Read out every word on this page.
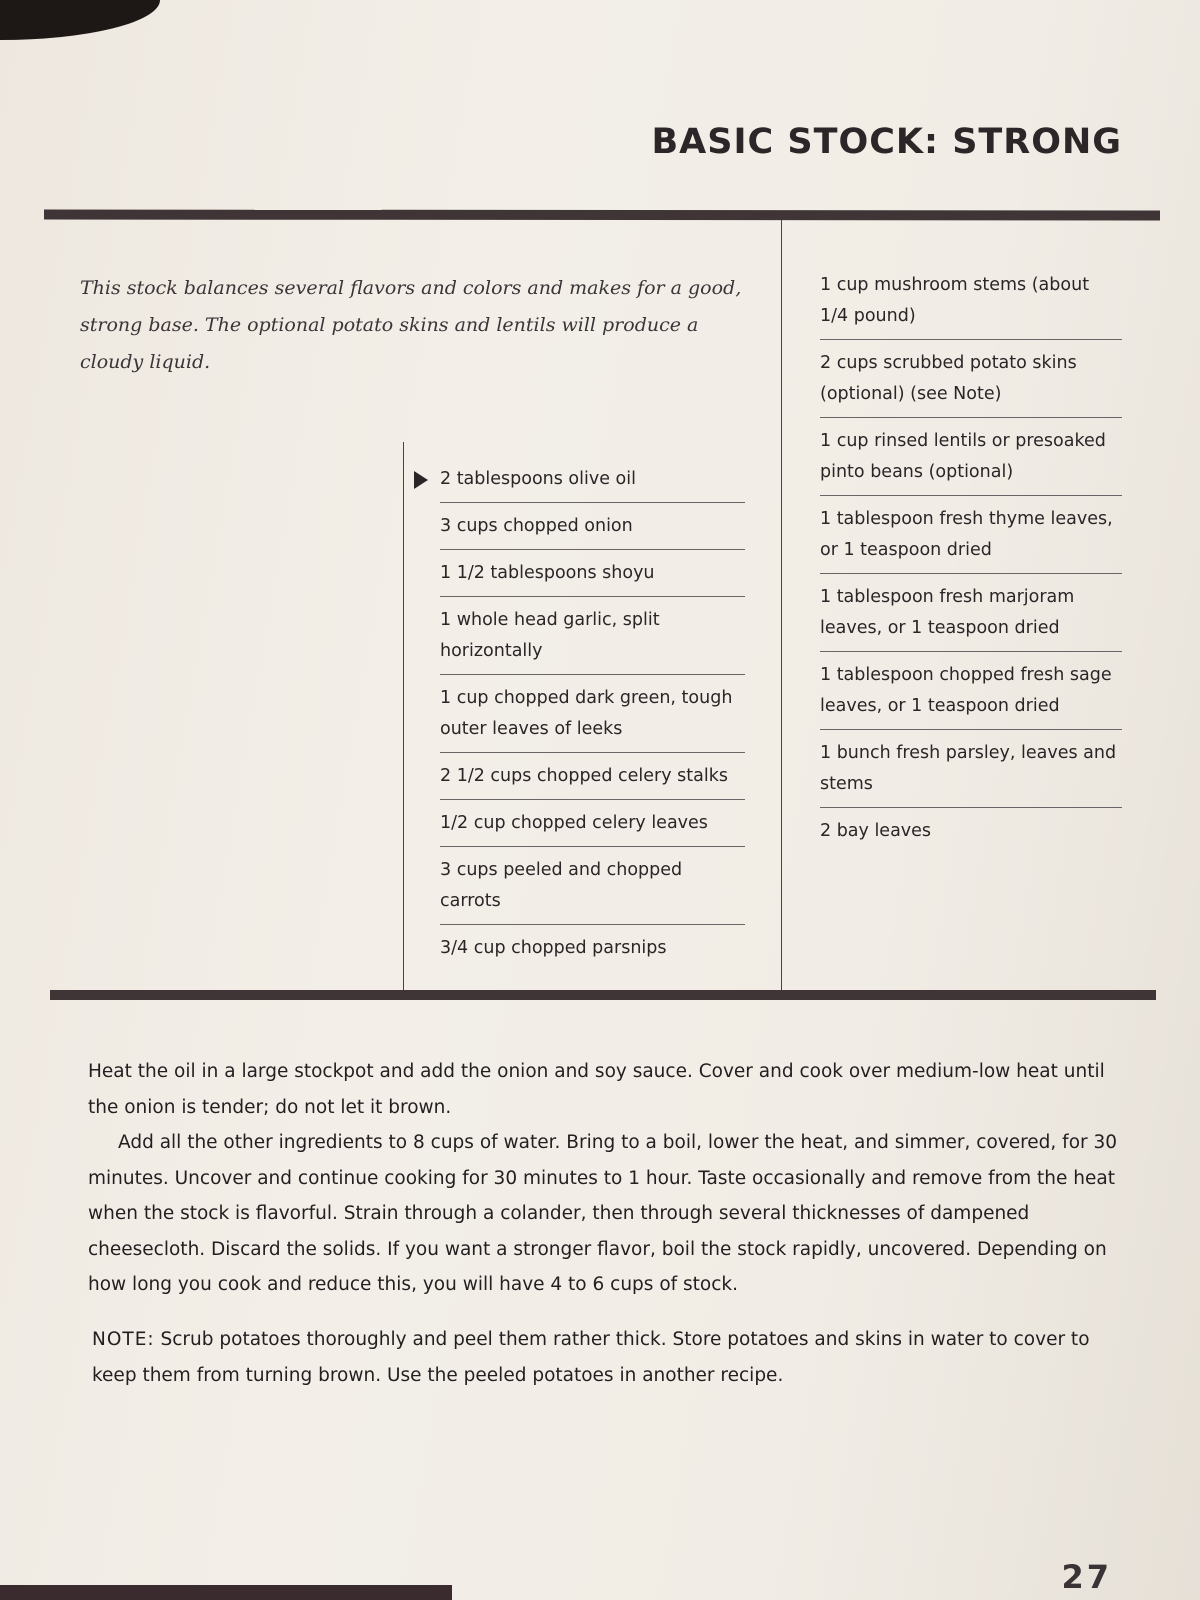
BASIC STOCK: STRONG

This stock balances several flavors and colors and makes for a good, strong base. The optional potato skins and lentils will produce a cloudy liquid.

2 tablespoons olive oil
3 cups chopped onion
1 1/2 tablespoons shoyu
1 whole head garlic, split horizontally
1 cup chopped dark green, tough outer leaves of leeks
2 1/2 cups chopped celery stalks
1/2 cup chopped celery leaves
3 cups peeled and chopped carrots
3/4 cup chopped parsnips
1 cup mushroom stems (about 1/4 pound)
2 cups scrubbed potato skins (optional) (see Note)
1 cup rinsed lentils or presoaked pinto beans (optional)
1 tablespoon fresh thyme leaves, or 1 teaspoon dried
1 tablespoon fresh marjoram leaves, or 1 teaspoon dried
1 tablespoon chopped fresh sage leaves, or 1 teaspoon dried
1 bunch fresh parsley, leaves and stems
2 bay leaves

Heat the oil in a large stockpot and add the onion and soy sauce. Cover and cook over medium-low heat until the onion is tender; do not let it brown.

Add all the other ingredients to 8 cups of water. Bring to a boil, lower the heat, and simmer, covered, for 30 minutes. Uncover and continue cooking for 30 minutes to 1 hour. Taste occasionally and remove from the heat when the stock is flavorful. Strain through a colander, then through several thicknesses of dampened cheesecloth. Discard the solids. If you want a stronger flavor, boil the stock rapidly, uncovered. Depending on how long you cook and reduce this, you will have 4 to 6 cups of stock.

NOTE: Scrub potatoes thoroughly and peel them rather thick. Store potatoes and skins in water to cover to keep them from turning brown. Use the peeled potatoes in another recipe.

27
